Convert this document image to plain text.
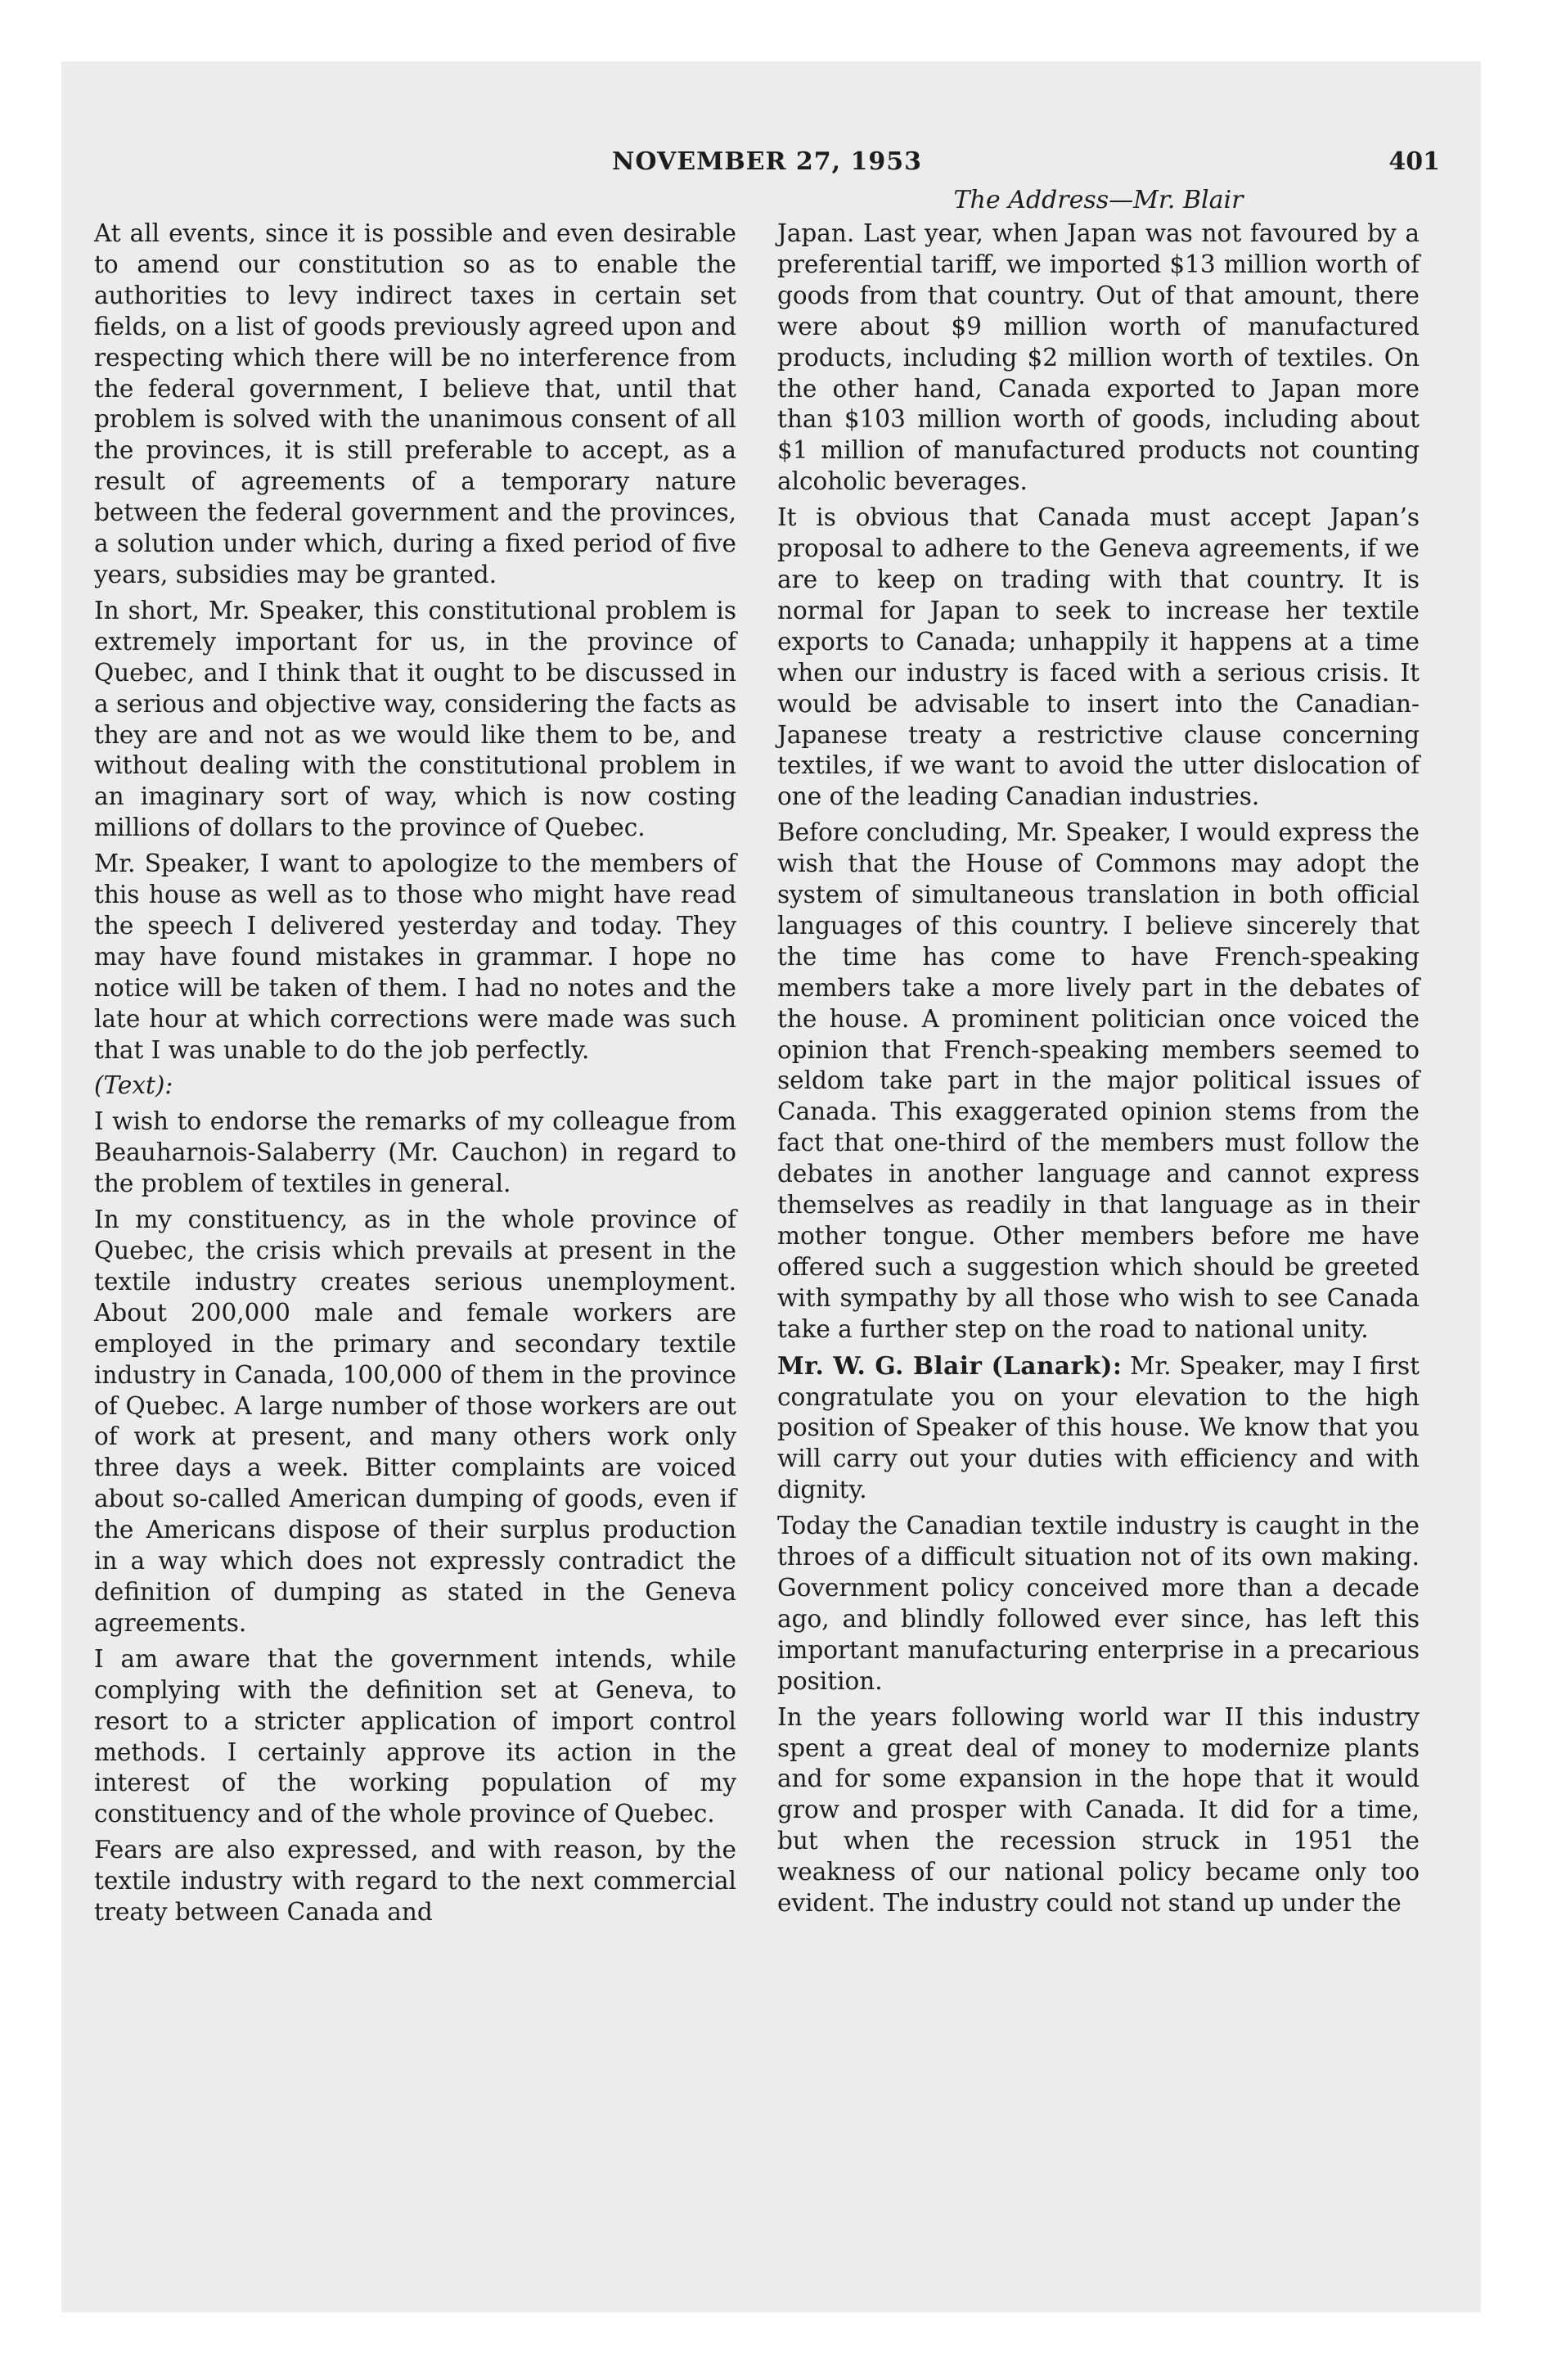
NOVEMBER 27, 1953	401

At all events, since it is possible and even desirable to amend our constitution so as to enable the authorities to levy indirect taxes in certain set fields, on a list of goods previously agreed upon and respecting which there will be no interference from the federal government, I believe that, until that problem is solved with the unanimous consent of all the provinces, it is still preferable to accept, as a result of agreements of a temporary nature between the federal government and the provinces, a solution under which, during a fixed period of five years, subsidies may be granted.

In short, Mr. Speaker, this constitutional problem is extremely important for us, in the province of Quebec, and I think that it ought to be discussed in a serious and objective way, considering the facts as they are and not as we would like them to be, and without dealing with the constitutional problem in an imaginary sort of way, which is now costing millions of dollars to the province of Quebec.

Mr. Speaker, I want to apologize to the members of this house as well as to those who might have read the speech I delivered yesterday and today. They may have found mistakes in grammar. I hope no notice will be taken of them. I had no notes and the late hour at which corrections were made was such that I was unable to do the job perfectly.

(Text):

I wish to endorse the remarks of my colleague from Beauharnois-Salaberry (Mr. Cauchon) in regard to the problem of textiles in general.

In my constituency, as in the whole province of Quebec, the crisis which prevails at present in the textile industry creates serious unemployment. About 200,000 male and female workers are employed in the primary and secondary textile industry in Canada, 100,000 of them in the province of Quebec. A large number of those workers are out of work at present, and many others work only three days a week. Bitter complaints are voiced about so-called American dumping of goods, even if the Americans dispose of their surplus production in a way which does not expressly contradict the definition of dumping as stated in the Geneva agreements.

I am aware that the government intends, while complying with the definition set at Geneva, to resort to a stricter application of import control methods. I certainly approve its action in the interest of the working population of my constituency and of the whole province of Quebec.

Fears are also expressed, and with reason, by the textile industry with regard to the next commercial treaty between Canada and

The Address—Mr. Blair

Japan. Last year, when Japan was not favoured by a preferential tariff, we imported $13 million worth of goods from that country. Out of that amount, there were about $9 million worth of manufactured products, including $2 million worth of textiles. On the other hand, Canada exported to Japan more than $103 million worth of goods, including about $1 million of manufactured products not counting alcoholic beverages.

It is obvious that Canada must accept Japan’s proposal to adhere to the Geneva agreements, if we are to keep on trading with that country. It is normal for Japan to seek to increase her textile exports to Canada; unhappily it happens at a time when our industry is faced with a serious crisis. It would be advisable to insert into the Canadian-Japanese treaty a restrictive clause concerning textiles, if we want to avoid the utter dislocation of one of the leading Canadian industries.

Before concluding, Mr. Speaker, I would express the wish that the House of Commons may adopt the system of simultaneous translation in both official languages of this country. I believe sincerely that the time has come to have French-speaking members take a more lively part in the debates of the house. A prominent politician once voiced the opinion that French-speaking members seemed to seldom take part in the major political issues of Canada. This exaggerated opinion stems from the fact that one-third of the members must follow the debates in another language and cannot express themselves as readily in that language as in their mother tongue. Other members before me have offered such a suggestion which should be greeted with sympathy by all those who wish to see Canada take a further step on the road to national unity.

Mr. W. G. Blair (Lanark): Mr. Speaker, may I first congratulate you on your elevation to the high position of Speaker of this house. We know that you will carry out your duties with efficiency and with dignity.

Today the Canadian textile industry is caught in the throes of a difficult situation not of its own making. Government policy conceived more than a decade ago, and blindly followed ever since, has left this important manufacturing enterprise in a precarious position.

In the years following world war II this industry spent a great deal of money to modernize plants and for some expansion in the hope that it would grow and prosper with Canada. It did for a time, but when the recession struck in 1951 the weakness of our national policy became only too evident. The industry could not stand up under the
